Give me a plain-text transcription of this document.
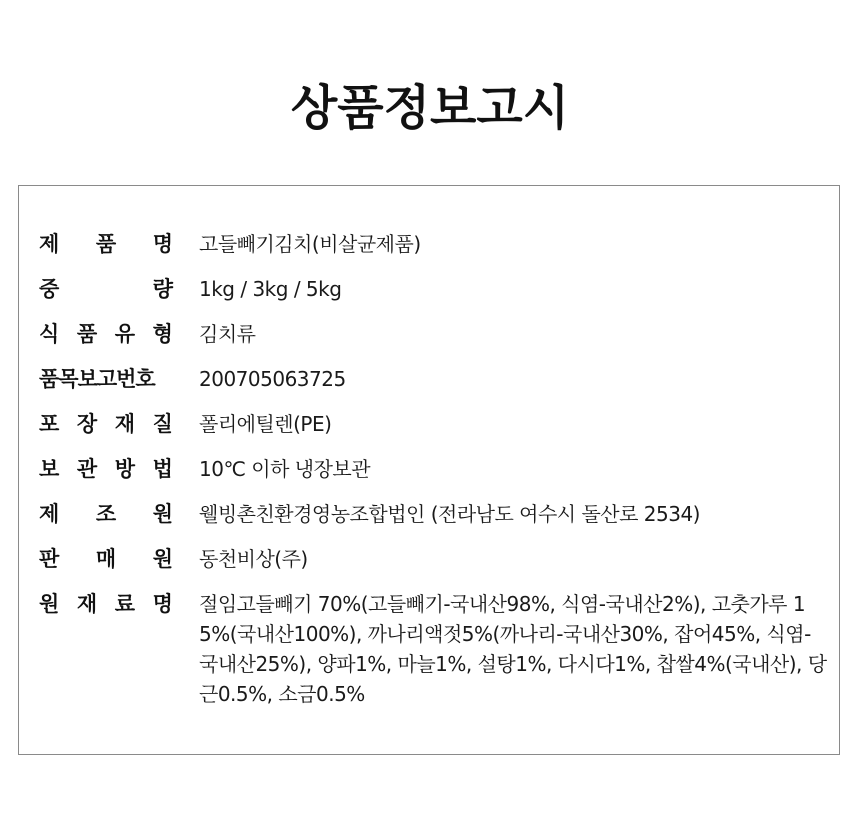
상품정보고시
제 품 명 고들빼기김치(비살균제품)
중	량 1kg / 3kg / 5kg
식 품 유 형 김치류
품목보고번호 200705063725
포 장 재 질 폴리에틸렌(PE)
보 관 방 법 10℃ 이하 냉장보관
제 조 원 웰빙촌친환경영농조합법인 (전라남도 여수시 돌산로 2534)
판 매 원 동천비상(주)
원 재 료 명 절임고들빼기 70%(고들빼기-국내산98%, 식염-국내산2%), 고춧가루 15%(국내산100%), 까나리액젓5%(까나리-국내산30%, 잡어45%, 식염-국내산25%), 양파1%, 마늘1%, 설탕1%, 다시다1%, 찹쌀4%(국내산), 당근0.5%, 소금0.5%
